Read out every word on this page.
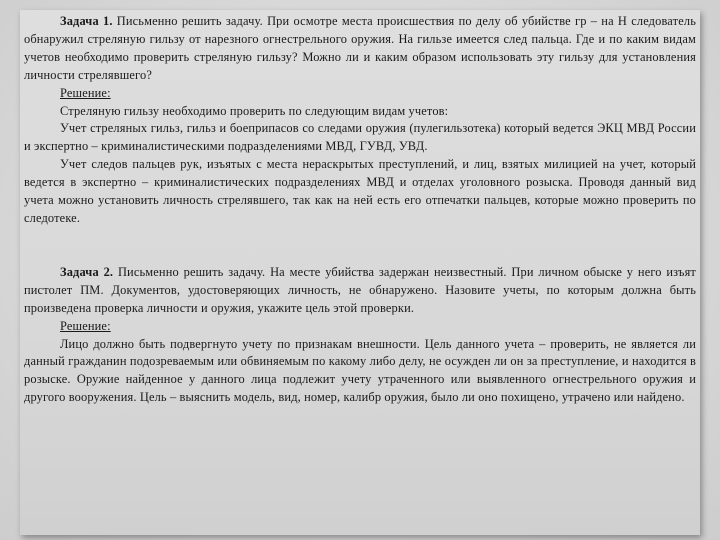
Задача 1. Письменно решить задачу. При осмотре места происшествия по делу об убийстве гр – на Н следователь обнаружил стреляную гильзу от нарезного огнестрельного оружия. На гильзе имеется след пальца. Где и по каким видам учетов необходимо проверить стреляную гильзу? Можно ли и каким образом использовать эту гильзу для установления личности стрелявшего?

Решение:

Стреляную гильзу необходимо проверить по следующим видам учетов:

Учет стреляных гильз, гильз и боеприпасов со следами оружия (пулегильзотека) который ведется ЭКЦ МВД России и экспертно – криминалистическими подразделениями МВД, ГУВД, УВД.

Учет следов пальцев рук, изъятых с места нераскрытых преступлений, и лиц, взятых милицией на учет, который ведется в экспертно – криминалистических подразделениях МВД и отделах уголовного розыска. Проводя данный вид учета можно установить личность стрелявшего, так как на ней есть его отпечатки пальцев, которые можно проверить по следотеке.

Задача 2. Письменно решить задачу. На месте убийства задержан неизвестный. При личном обыске у него изъят пистолет ПМ. Документов, удостоверяющих личность, не обнаружено. Назовите учеты, по которым должна быть произведена проверка личности и оружия, укажите цель этой проверки.

Решение:

Лицо должно быть подвергнуто учету по признакам внешности. Цель данного учета – проверить, не является ли данный гражданин подозреваемым или обвиняемым по какому либо делу, не осужден ли он за преступление, и находится в розыске. Оружие найденное у данного лица подлежит учету утраченного или выявленного огнестрельного оружия и другого вооружения. Цель – выяснить модель, вид, номер, калибр оружия, было ли оно похищено, утрачено или найдено.
